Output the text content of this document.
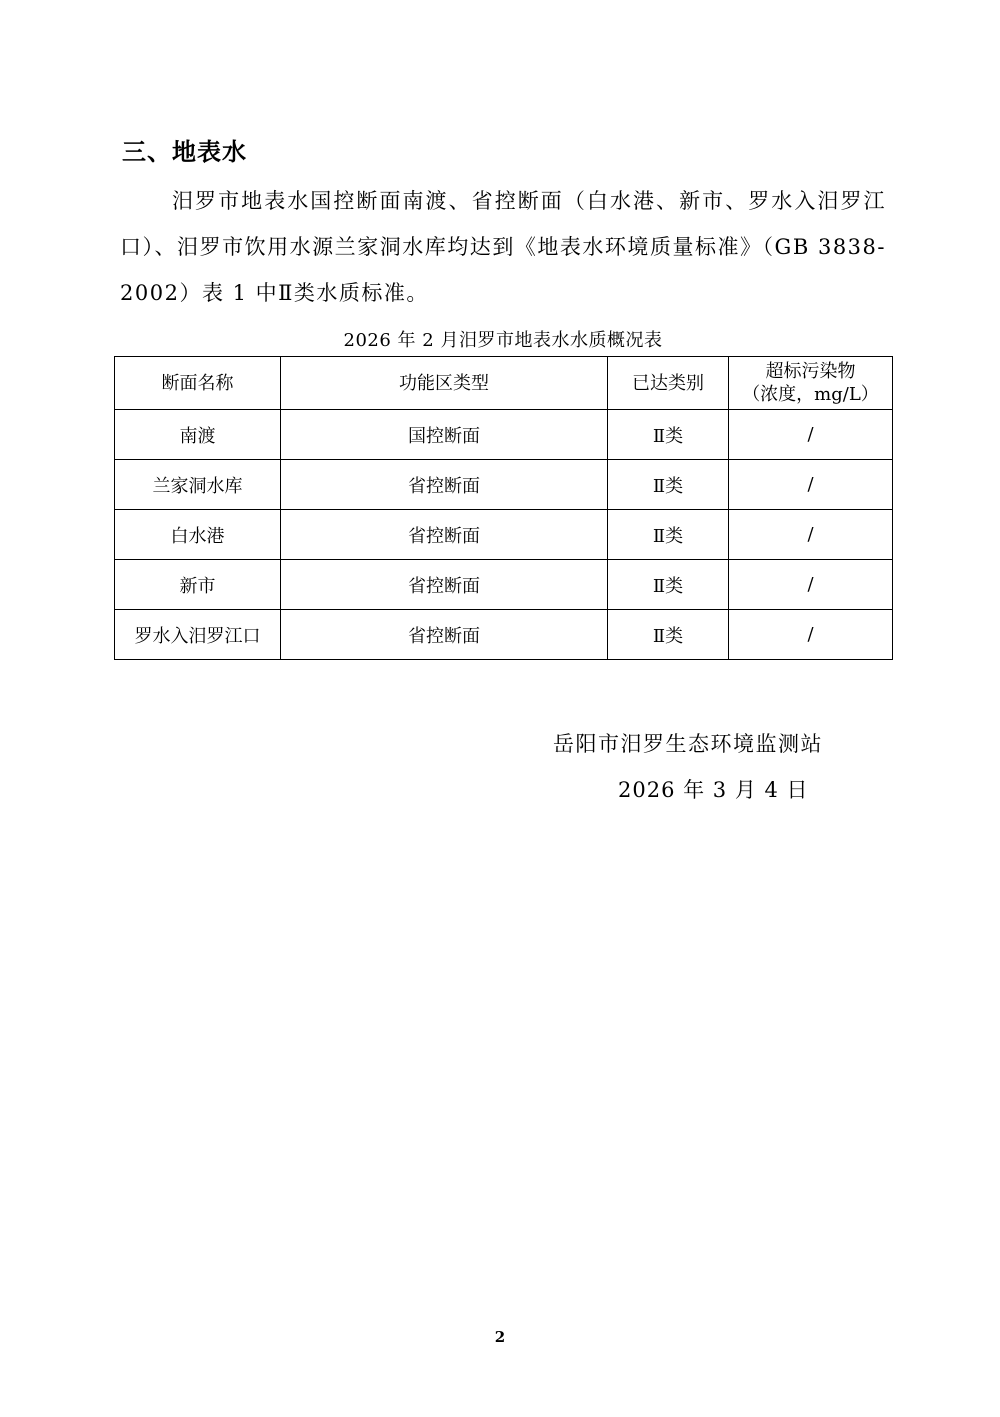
三、地表水
汨罗市地表水国控断面南渡、省控断面（白水港、新市、罗水入汨罗江口）、汨罗市饮用水源兰家洞水库均达到《地表水环境质量标准》（GB 3838-2002）表 1 中Ⅱ类水质标准。
2026 年 2 月汨罗市地表水水质概况表
断面名称	功能区类型	已达类别	超标污染物
（浓度，mg/L）

南渡	国控断面	Ⅱ类	/
兰家洞水库	省控断面	Ⅱ类	/
白水港	省控断面	Ⅱ类	/
新市	省控断面	Ⅱ类	/
罗水入汨罗江口	省控断面	Ⅱ类	/
岳阳市汨罗生态环境监测站
2026 年 3 月 4 日
2
